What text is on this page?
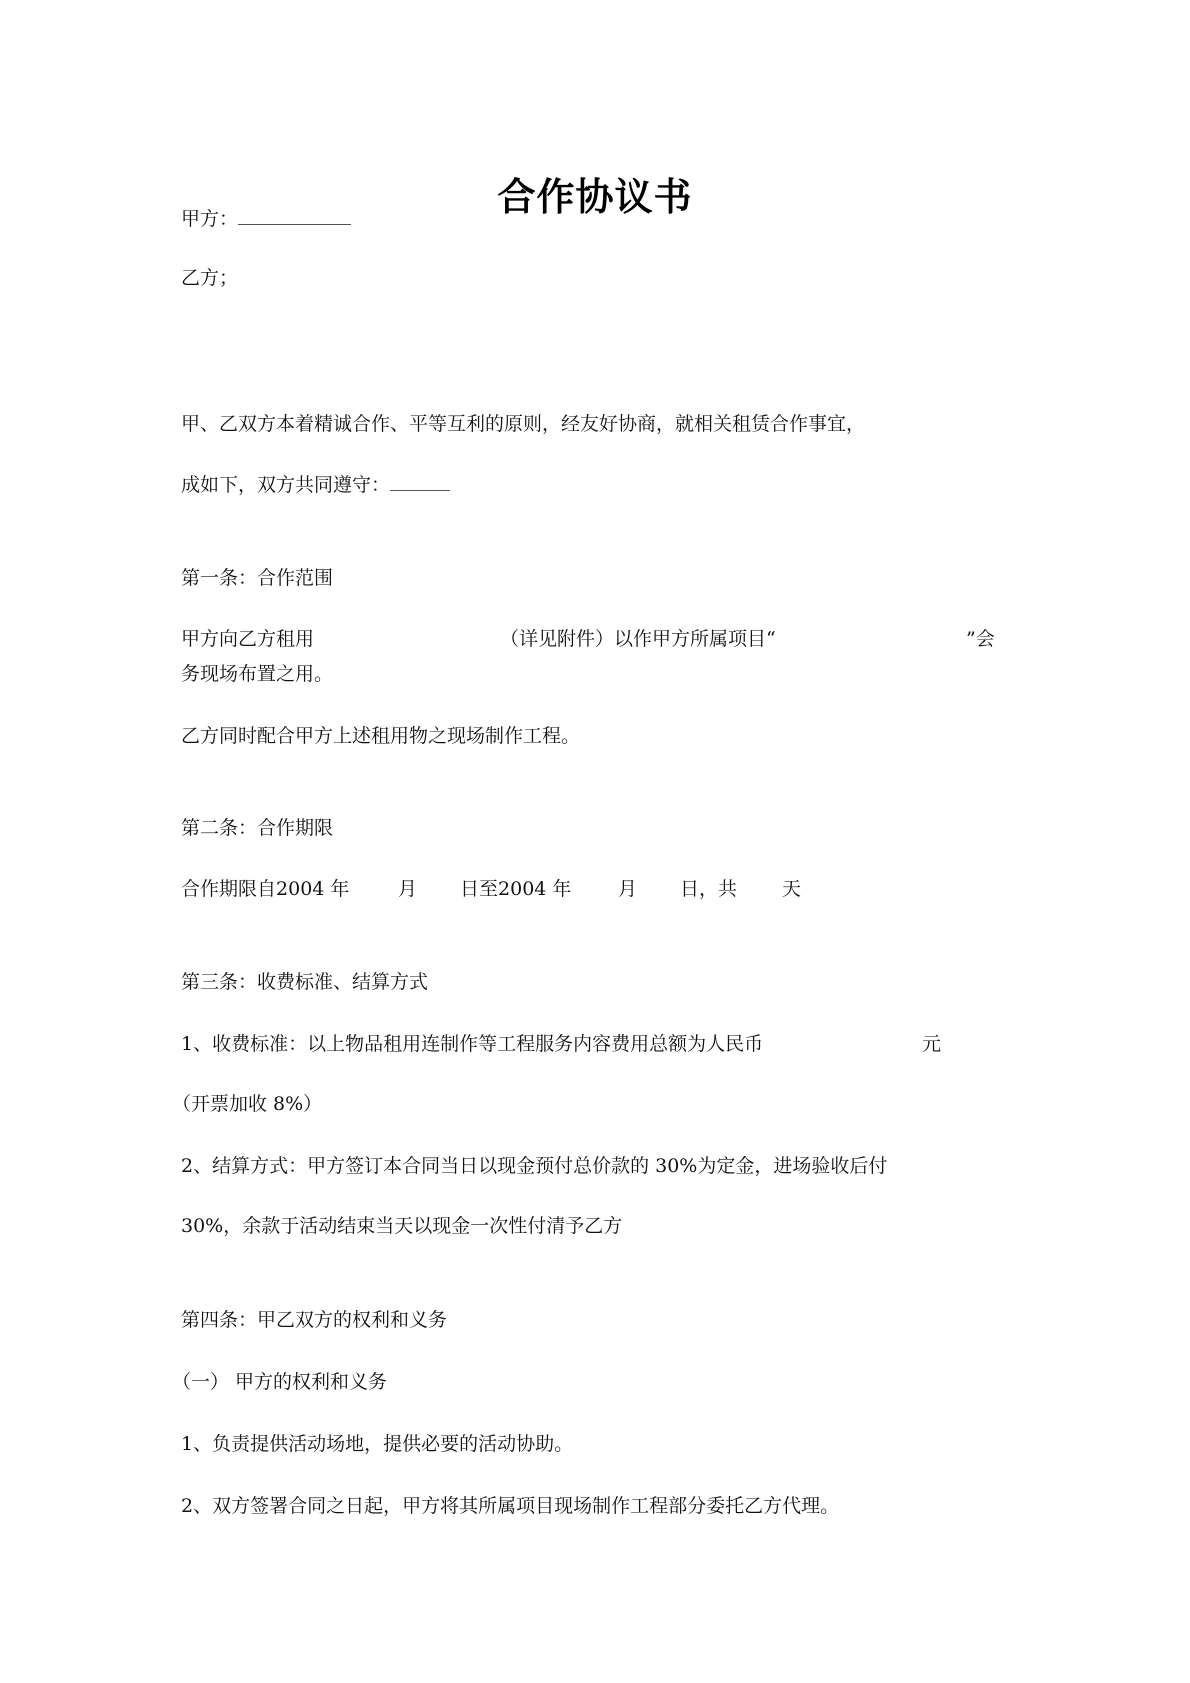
合作协议书
甲方：
乙方；
甲、乙双方本着精诚合作、平等互利的原则，经友好协商，就相关租赁合作事宜，
成如下，双方共同遵守：
第一条：合作范围
甲方向乙方租用	（详见附件）以作甲方所属项目“	”会
务现场布置之用。
乙方同时配合甲方上述租用物之现场制作工程。
第二条：合作期限
合作期限自2004 年	月 日至2004 年 月 日，共 天
第三条：收费标准、结算方式
1、收费标准：以上物品租用连制作等工程服务内容费用总额为人民币	元
（开票加收 8%）
2、结算方式：甲方签订本合同当日以现金预付总价款的 30%为定金，进场验收后付
30%，余款于活动结束当天以现金一次性付清予乙方
第四条：甲乙双方的权利和义务
（一） 甲方的权利和义务
1、负责提供活动场地，提供必要的活动协助。
2、双方签署合同之日起，甲方将其所属项目现场制作工程部分委托乙方代理。
